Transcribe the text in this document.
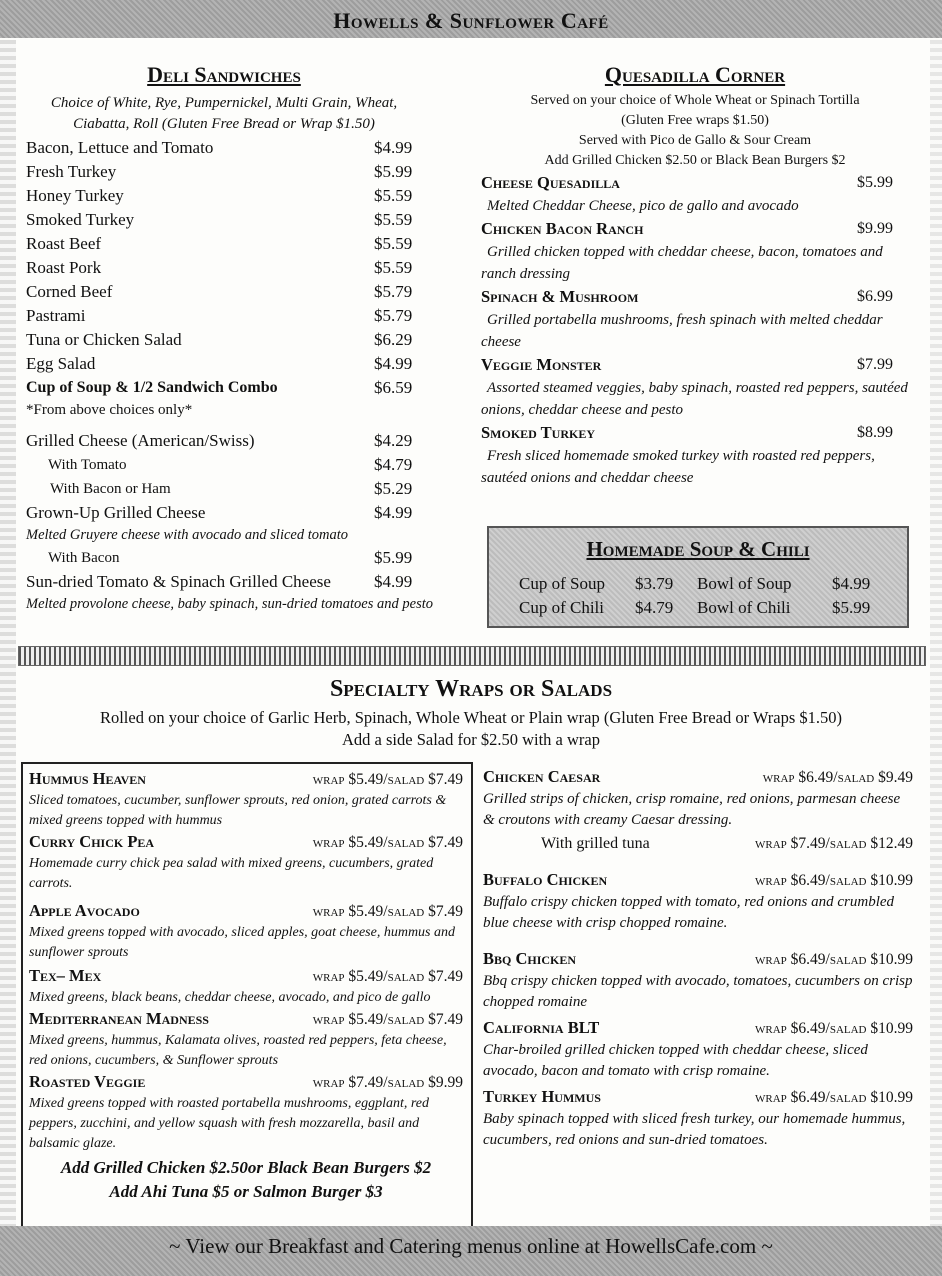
Howells & Sunflower Café
Deli Sandwiches
Choice of White, Rye, Pumpernickel, Multi Grain, Wheat,
Ciabatta, Roll (Gluten Free Bread or Wrap $1.50)
Bacon, Lettuce and Tomato	$4.99
Fresh Turkey	$5.99
Honey Turkey	$5.59
Smoked Turkey	$5.59
Roast Beef	$5.59
Roast Pork	$5.59
Corned Beef	$5.79
Pastrami	$5.79
Tuna or Chicken Salad	$6.29
Egg Salad	$4.99
Cup of Soup & 1/2 Sandwich Combo	$6.59
*From above choices only*
Grilled Cheese (American/Swiss)	$4.29
With Tomato	$4.79
With Bacon or Ham	$5.29
Grown-Up Grilled Cheese	$4.99
Melted Gruyere cheese with avocado and sliced tomato
With Bacon	$5.99
Sun-dried Tomato & Spinach Grilled Cheese	$4.99
Melted provolone cheese, baby spinach, sun-dried tomatoes and pesto
Quesadilla Corner
Served on your choice of Whole Wheat or Spinach Tortilla
(Gluten Free wraps $1.50)
Served with Pico de Gallo & Sour Cream
Add Grilled Chicken $2.50 or Black Bean Burgers $2
Cheese Quesadilla	$5.99
Melted Cheddar Cheese, pico de gallo and avocado
Chicken Bacon Ranch	$9.99
Grilled chicken topped with cheddar cheese, bacon, tomatoes and ranch dressing
Spinach & Mushroom	$6.99
Grilled portabella mushrooms, fresh spinach with melted cheddar cheese
Veggie Monster	$7.99
Assorted steamed veggies, baby spinach, roasted red peppers, sautéed onions, cheddar cheese and pesto
Smoked Turkey	$8.99
Fresh sliced homemade smoked turkey with roasted red peppers, sautéed onions and cheddar cheese
Homemade Soup & Chili
Cup of Soup	$3.79	Bowl of Soup	$4.99
Cup of Chili	$4.79	Bowl of Chili	$5.99
Specialty Wraps or Salads
Rolled on your choice of Garlic Herb, Spinach, Whole Wheat or Plain wrap (Gluten Free Bread or Wraps $1.50)
Add a side Salad for $2.50 with a wrap
Hummus Heaven	wrap $5.49/salad $7.49
Sliced tomatoes, cucumber, sunflower sprouts, red onion, grated carrots & mixed greens topped with hummus
Curry Chick Pea	wrap $5.49/salad $7.49
Homemade curry chick pea salad with mixed greens, cucumbers, grated carrots.
Apple Avocado	wrap $5.49/salad $7.49
Mixed greens topped with avocado, sliced apples, goat cheese, hummus and sunflower sprouts
Tex– Mex	wrap $5.49/salad $7.49
Mixed greens, black beans, cheddar cheese, avocado, and pico de gallo
Mediterranean Madness	wrap $5.49/salad $7.49
Mixed greens, hummus, Kalamata olives, roasted red peppers, feta cheese, red onions, cucumbers, & Sunflower sprouts
Roasted Veggie	wrap $7.49/salad $9.99
Mixed greens topped with roasted portabella mushrooms, eggplant, red peppers, zucchini, and yellow squash with fresh mozzarella, basil and balsamic glaze.
Add Grilled Chicken $2.50or Black Bean Burgers $2
Add Ahi Tuna $5 or Salmon Burger $3
Chicken Caesar	wrap $6.49/salad $9.49
Grilled strips of chicken, crisp romaine, red onions, parmesan cheese & croutons with creamy Caesar dressing.
With grilled tuna	wrap $7.49/salad $12.49
Buffalo Chicken	wrap $6.49/salad $10.99
Buffalo crispy chicken topped with tomato, red onions and crumbled blue cheese with crisp chopped romaine.
Bbq Chicken	wrap $6.49/salad $10.99
Bbq crispy chicken topped with avocado, tomatoes, cucumbers on crisp chopped romaine
California BLT	wrap $6.49/salad $10.99
Char-broiled grilled chicken topped with cheddar cheese, sliced avocado, bacon and tomato with crisp romaine.
Turkey Hummus	wrap $6.49/salad $10.99
Baby spinach topped with sliced fresh turkey, our homemade hummus, cucumbers, red onions and sun-dried tomatoes.
~ View our Breakfast and Catering menus online at HowellsCafe.com ~
